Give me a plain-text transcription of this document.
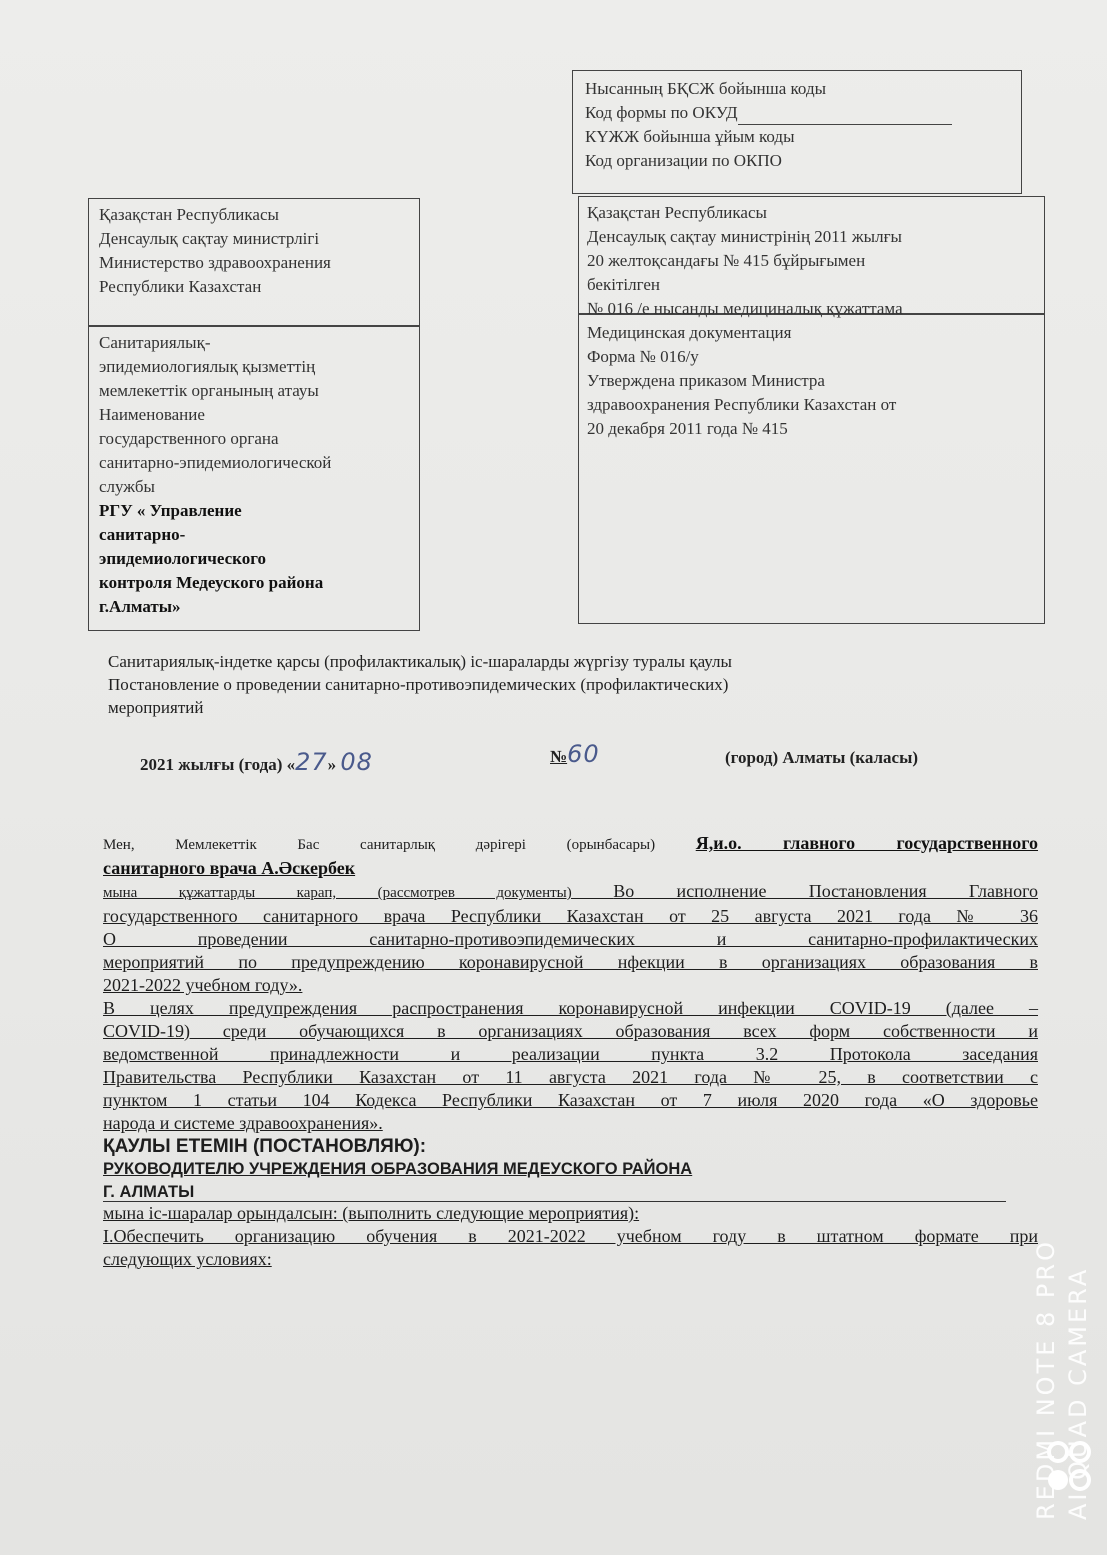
Нысанның БҚСЖ бойынша коды
Код формы по ОКУД
КҮЖЖ бойынша ұйым коды
Код организации по ОКПО
Қазақстан Республикасы
Денсаулық сақтау министрлігі
Министерство здравоохранения
Республики Казахстан
Қазақстан Республикасы
Денсаулық сақтау министрінің 2011 жылғы
20 желтоқсандағы № 415 бұйрығымен
бекітілген
№ 016 /е нысанды медициналық құжаттама
Санитариялық-
эпидемиологиялық қызметтің
мемлекеттік органының атауы
Наименование
государственного органа
санитарно-эпидемиологической
службы
РГУ « Управление
санитарно-
эпидемиологического
контроля Медеуского района
г.Алматы»
Медицинская документация
Форма № 016/у
Утверждена приказом Министра
здравоохранения Республики Казахстан от
20 декабря 2011 года № 415
Санитариялық-індетке қарсы (профилактикалық) іс-шараларды жүргізу туралы қаулы
Постановление о проведении санитарно-противоэпидемических (профилактических)
мероприятий
2021 жылғы (года) «27» 08	№60	(город) Алматы (каласы)
Мен, Мемлекеттік Бас санитарлық дәрігері (орынбасары) Я,и.о. главного государственного
санитарного врача А.Әскербек
мына құжаттарды карап, (рассмотрев документы) Во исполнение Постановления Главного
государственного санитарного врача Республики Казахстан от 25 августа 2021 года № 36
О проведении санитарно-противоэпидемических и санитарно-профилактических
мероприятий по предупреждению коронавирусной нфекции в организациях образования в
2021-2022 учебном году».
В целях предупреждения распространения коронавирусной инфекции COVID-19 (далее –
COVID-19) среди обучающихся в организациях образования всех форм собственности и
ведомственной принадлежности и реализации пункта 3.2 Протокола заседания
Правительства Республики Казахстан от 11 августа 2021 года № 25, в соответствии с
пунктом 1 статьи 104 Кодекса Республики Казахстан от 7 июля 2020 года «О здоровье
народа и системе здравоохранения».
ҚАУЛЫ ЕТЕМІН (ПОСТАНОВЛЯЮ):
РУКОВОДИТЕЛЮ УЧРЕЖДЕНИЯ ОБРАЗОВАНИЯ МЕДЕУСКОГО РАЙОНА
Г. АЛМАТЫ
мына іс-шаралар орындалсын: (выполнить следующие мероприятия):
I.Обеспечить организацию обучения в 2021-2022 учебном году в штатном формате при
следующих условиях:	REDMI NOTE 8 PRO AI QUAD CAMERA
